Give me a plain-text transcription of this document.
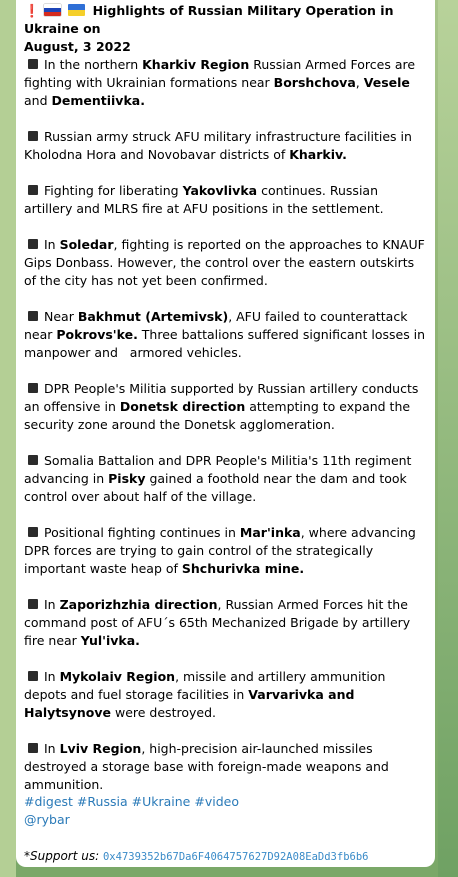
❗	Highlights of Russian Military Operation in Ukraine on
August, 3 2022
In the northern Kharkiv Region Russian Armed Forces are fighting with Ukrainian formations near Borshchova, Vesele and Dementiivka.
Russian army struck AFU military infrastructure facilities in Kholodna Hora and Novobavar districts of Kharkiv.
Fighting for liberating Yakovlivka continues. Russian artillery and MLRS fire at AFU positions in the settlement.
In Soledar, fighting is reported on the approaches to KNAUF Gips Donbass. However, the control over the eastern outskirts of the city has not yet been confirmed.
Near Bakhmut (Artemivsk), AFU failed to counterattack near Pokrovs'ke. Three battalions suffered significant losses in manpower and   armored vehicles.
DPR People's Militia supported by Russian artillery conducts an offensive in Donetsk direction attempting to expand the security zone around the Donetsk agglomeration.
Somalia Battalion and DPR People's Militia's 11th regiment advancing in Pisky gained a foothold near the dam and took control over about half of the village.
Positional fighting continues in Mar'inka, where advancing DPR forces are trying to gain control of the strategically important waste heap of Shchurivka mine.
In Zaporizhzhia direction, Russian Armed Forces hit the command post of AFU´s 65th Mechanized Brigade by artillery fire near Yul'ivka.
In Mykolaiv Region, missile and artillery ammunition depots and fuel storage facilities in Varvarivka and Halytsynove were destroyed.
In Lviv Region, high-precision air-launched missiles destroyed a storage base with foreign-made weapons and ammunition.
#digest #Russia #Ukraine #video
@rybar
*Support us: 0x4739352b67Da6F4064757627D92A08EaDd3fb6b6
